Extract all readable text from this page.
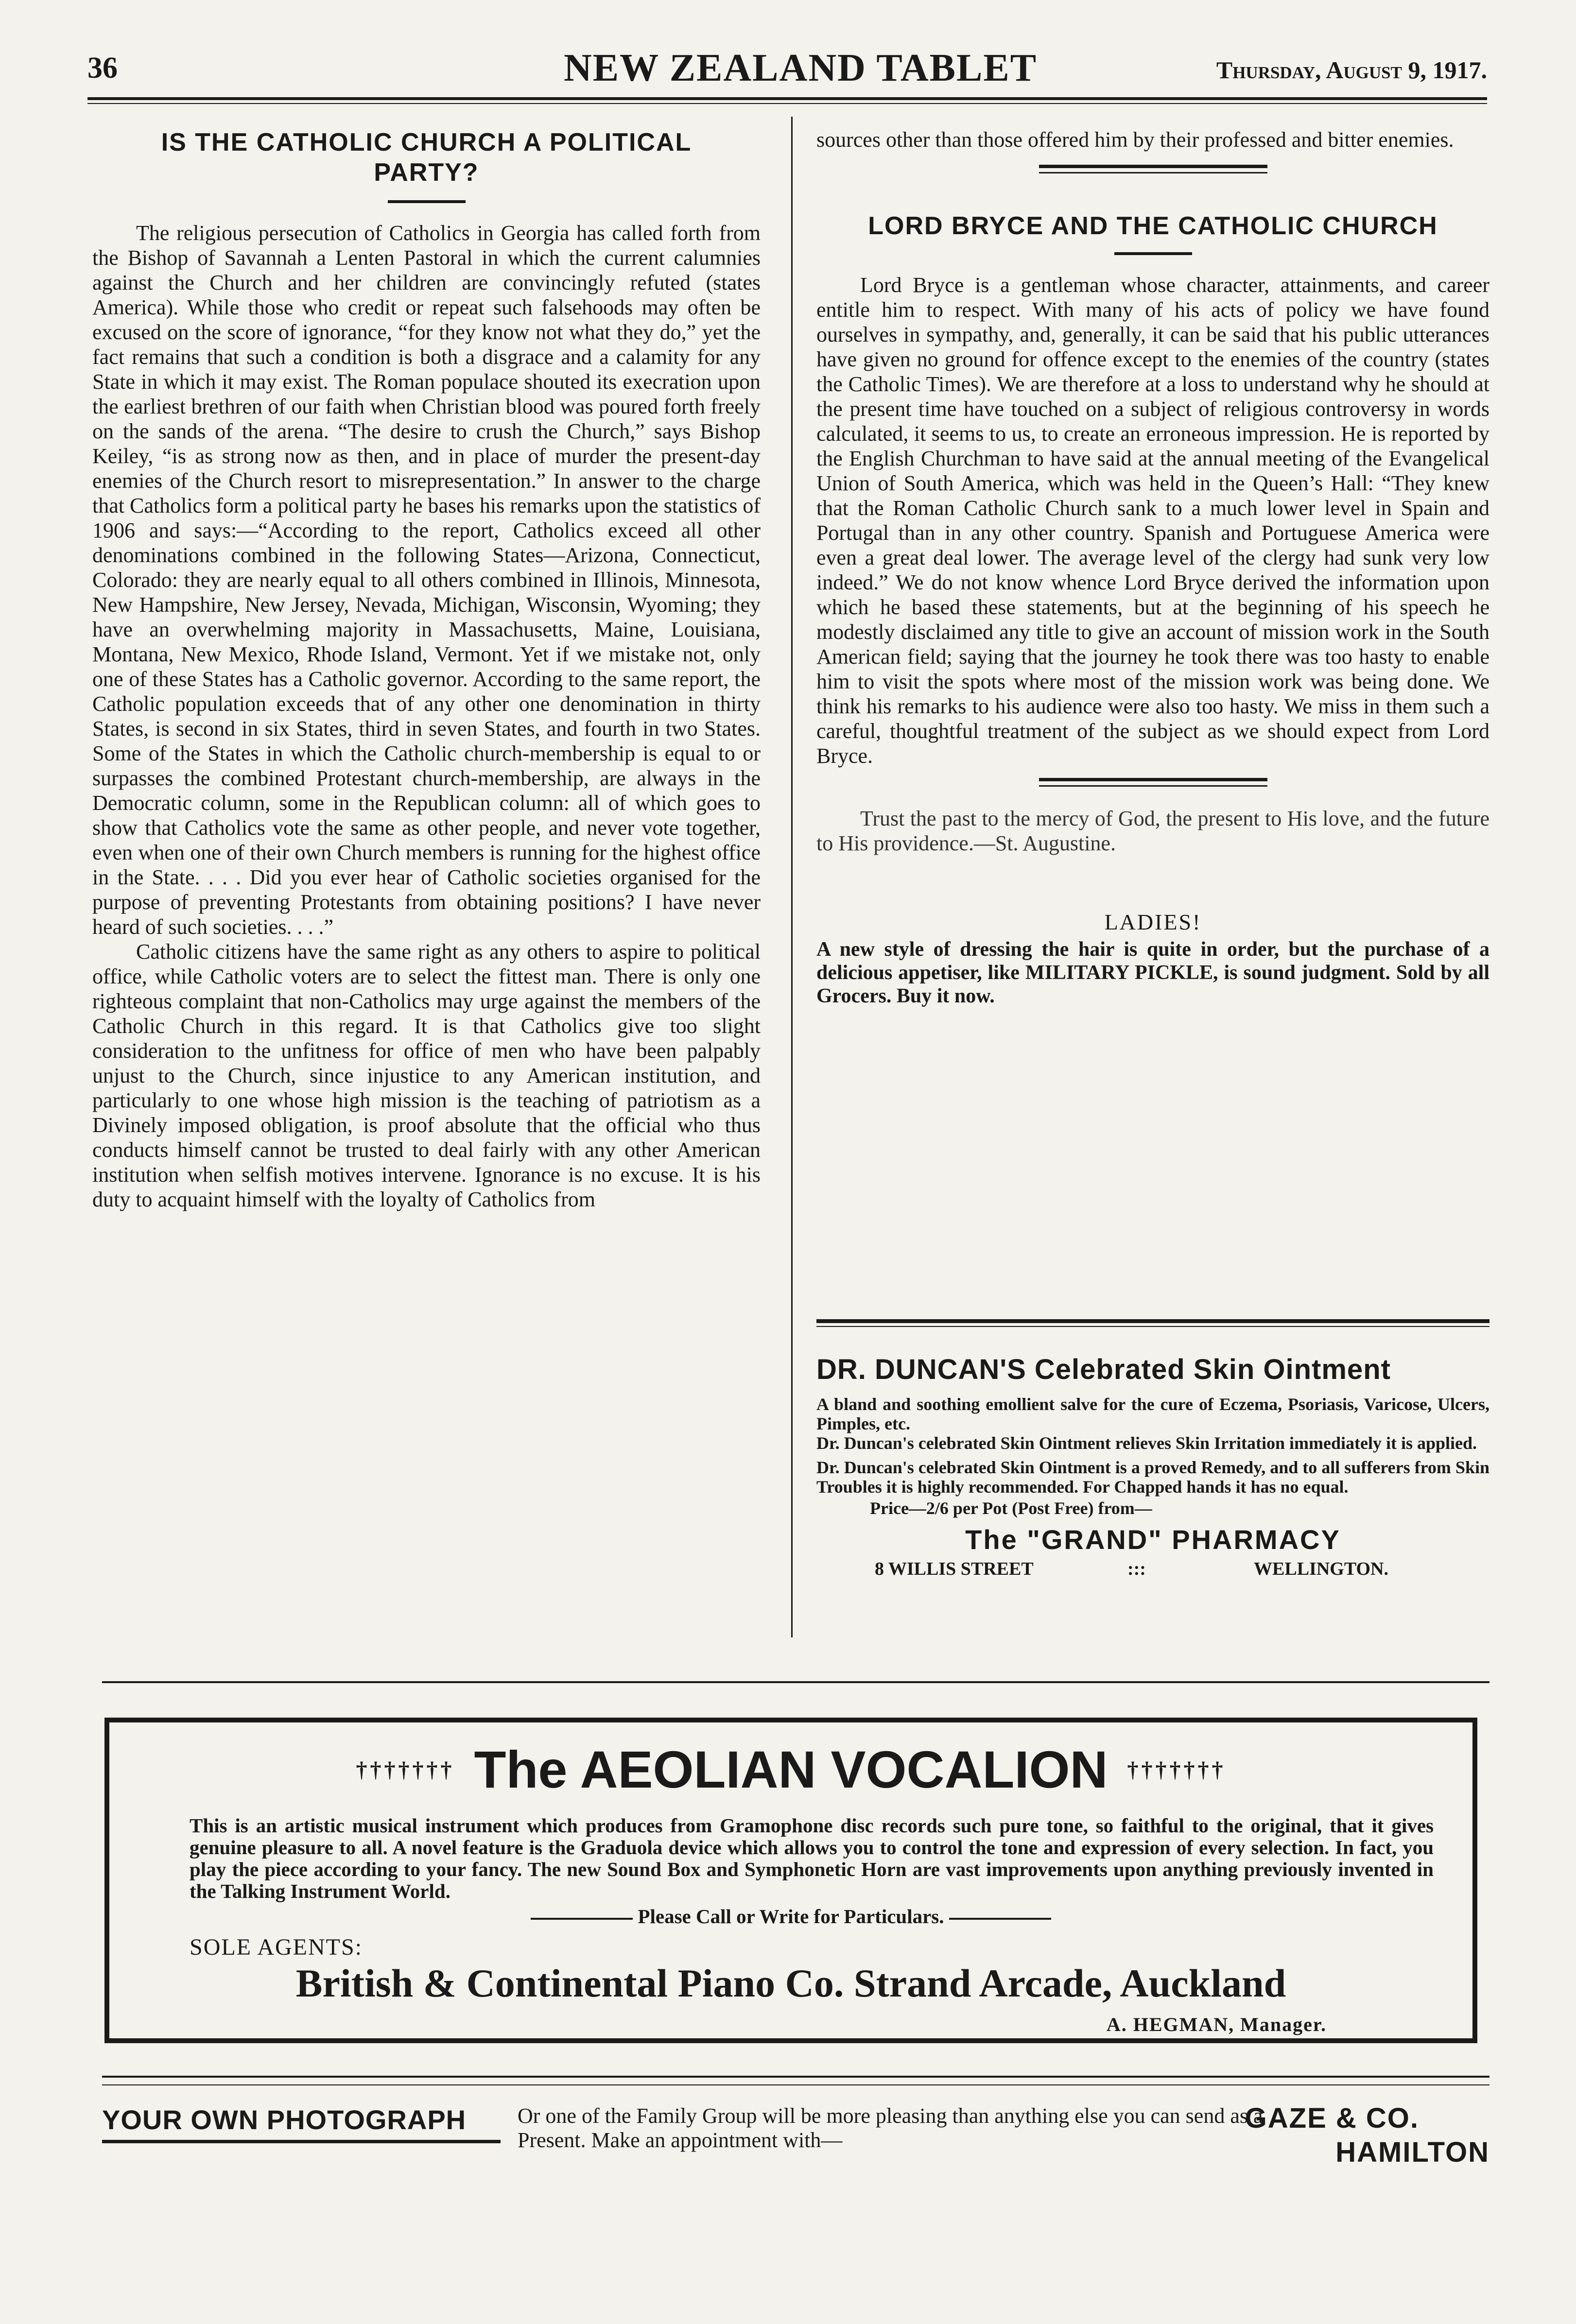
36	NEW ZEALAND TABLET	Thursday, August 9, 1917.
IS THE CATHOLIC CHURCH A POLITICAL PARTY?

The religious persecution of Catholics in Georgia has called forth from the Bishop of Savannah a Lenten Pastoral in which the current calumnies against the Church and her children are convincingly refuted (states America). While those who credit or repeat such falsehoods may often be excused on the score of ignorance, “for they know not what they do,” yet the fact remains that such a condition is both a disgrace and a calamity for any State in which it may exist. The Roman populace shouted its execration upon the earliest brethren of our faith when Christian blood was poured forth freely on the sands of the arena. “The desire to crush the Church,” says Bishop Keiley, “is as strong now as then, and in place of murder the present-day enemies of the Church resort to misrepresentation.” In answer to the charge that Catholics form a political party he bases his remarks upon the statistics of 1906 and says:—“According to the report, Catholics exceed all other denominations combined in the following States—Arizona, Connecticut, Colorado: they are nearly equal to all others combined in Illinois, Minnesota, New Hampshire, New Jersey, Nevada, Michigan, Wisconsin, Wyoming; they have an overwhelming majority in Massachusetts, Maine, Louisiana, Montana, New Mexico, Rhode Island, Vermont. Yet if we mistake not, only one of these States has a Catholic governor. According to the same report, the Catholic population exceeds that of any other one denomination in thirty States, is second in six States, third in seven States, and fourth in two States. Some of the States in which the Catholic church-membership is equal to or surpasses the combined Protestant church-membership, are always in the Democratic column, some in the Republican column: all of which goes to show that Catholics vote the same as other people, and never vote together, even when one of their own Church members is running for the highest office in the State. . . . Did you ever hear of Catholic societies organised for the purpose of preventing Protestants from obtaining positions? I have never heard of such societies. . . .”

Catholic citizens have the same right as any others to aspire to political office, while Catholic voters are to select the fittest man. There is only one righteous complaint that non-Catholics may urge against the members of the Catholic Church in this regard. It is that Catholics give too slight consideration to the unfitness for office of men who have been palpably unjust to the Church, since injustice to any American institution, and particularly to one whose high mission is the teaching of patriotism as a Divinely imposed obligation, is proof absolute that the official who thus conducts himself cannot be trusted to deal fairly with any other American institution when selfish motives intervene. Ignorance is no excuse. It is his duty to acquaint himself with the loyalty of Catholics from

sources other than those offered him by their professed and bitter enemies.

LORD BRYCE AND THE CATHOLIC CHURCH

Lord Bryce is a gentleman whose character, attainments, and career entitle him to respect. With many of his acts of policy we have found ourselves in sympathy, and, generally, it can be said that his public utterances have given no ground for offence except to the enemies of the country (states the Catholic Times). We are therefore at a loss to understand why he should at the present time have touched on a subject of religious controversy in words calculated, it seems to us, to create an erroneous impression. He is reported by the English Churchman to have said at the annual meeting of the Evangelical Union of South America, which was held in the Queen’s Hall: “They knew that the Roman Catholic Church sank to a much lower level in Spain and Portugal than in any other country. Spanish and Portuguese America were even a great deal lower. The average level of the clergy had sunk very low indeed.” We do not know whence Lord Bryce derived the information upon which he based these statements, but at the beginning of his speech he modestly disclaimed any title to give an account of mission work in the South American field; saying that the journey he took there was too hasty to enable him to visit the spots where most of the mission work was being done. We think his remarks to his audience were also too hasty. We miss in them such a careful, thoughtful treatment of the subject as we should expect from Lord Bryce.

Trust the past to the mercy of God, the present to His love, and the future to His providence.—St. Augustine.

LADIES!

A new style of dressing the hair is quite in order, but the purchase of a delicious appetiser, like MILITARY PICKLE, is sound judgment. Sold by all Grocers. Buy it now.

DR. DUNCAN'S Celebrated Skin Ointment
A bland and soothing emollient salve for the cure of Eczema, Psoriasis, Varicose, Ulcers, Pimples, etc.
Dr. Duncan's celebrated Skin Ointment relieves Skin Irritation immediately it is applied.
Dr. Duncan's celebrated Skin Ointment is a proved Remedy, and to all sufferers from Skin Troubles it is highly recommended. For Chapped hands it has no equal.
Price—2/6 per Pot (Post Free) from—
The "GRAND" PHARMACY
8 WILLIS STREET	:::	WELLINGTON.
††††††† The AEOLIAN VOCALION †††††††
This is an artistic musical instrument which produces from Gramophone disc records such pure tone, so faithful to the original, that it gives genuine pleasure to all. A novel feature is the Graduola device which allows you to control the tone and expression of every selection. In fact, you play the piece according to your fancy. The new Sound Box and Symphonetic Horn are vast improvements upon anything previously invented in the Talking Instrument World.
Please Call or Write for Particulars.
SOLE AGENTS:
British & Continental Piano Co. Strand Arcade, Auckland
A. HEGMAN, Manager.
YOUR OWN PHOTOGRAPH Or one of the Family Group will be more pleasing than anything else you can send as a Present. Make an appointment with—
GAZE & CO.
HAMILTON
